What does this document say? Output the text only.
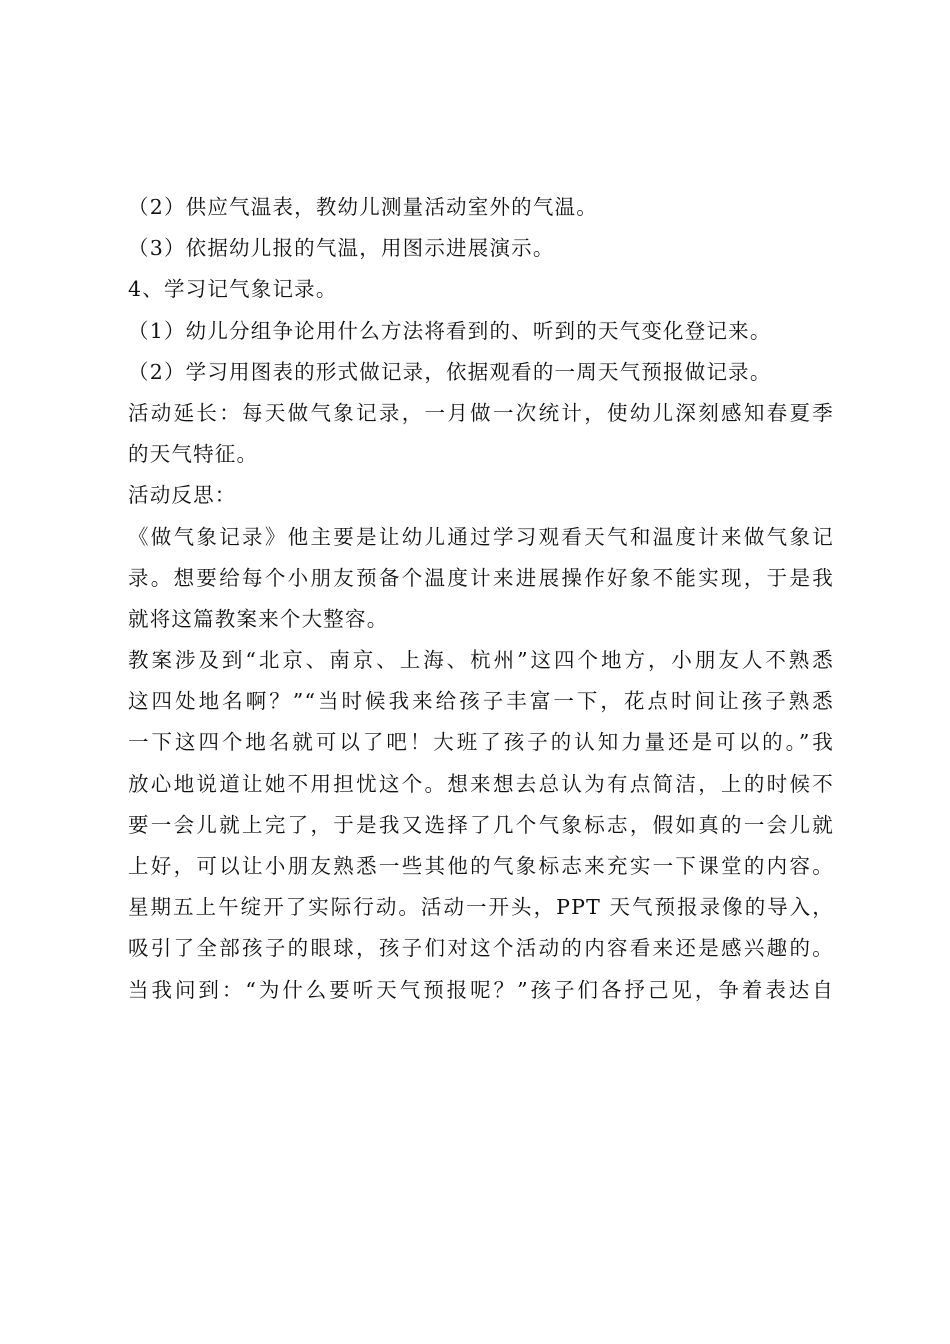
（2）供应气温表，教幼儿测量活动室外的气温。
（3）依据幼儿报的气温，用图示进展演示。
4、学习记气象记录。
（1）幼儿分组争论用什么方法将看到的、听到的天气变化登记来。
（2）学习用图表的形式做记录，依据观看的一周天气预报做记录。
活动延长：每天做气象记录，一月做一次统计，使幼儿深刻感知春夏季
的天气特征。
活动反思：
《做气象记录》他主要是让幼儿通过学习观看天气和温度计来做气象记
录。想要给每个小朋友预备个温度计来进展操作好象不能实现，于是我
就将这篇教案来个大整容。
教案涉及到“北京、南京、上海、杭州”这四个地方，小朋友人不熟悉
这四处地名啊？”“当时候我来给孩子丰富一下，花点时间让孩子熟悉
一下这四个地名就可以了吧！大班了孩子的认知力量还是可以的。”我
放心地说道让她不用担忧这个。想来想去总认为有点简洁，上的时候不
要一会儿就上完了，于是我又选择了几个气象标志，假如真的一会儿就
上好，可以让小朋友熟悉一些其他的气象标志来充实一下课堂的内容。
星期五上午绽开了实际行动。活动一开头，PPT 天气预报录像的导入，
吸引了全部孩子的眼球，孩子们对这个活动的内容看来还是感兴趣的。
当我问到：“为什么要听天气预报呢？”孩子们各抒己见，争着表达自
